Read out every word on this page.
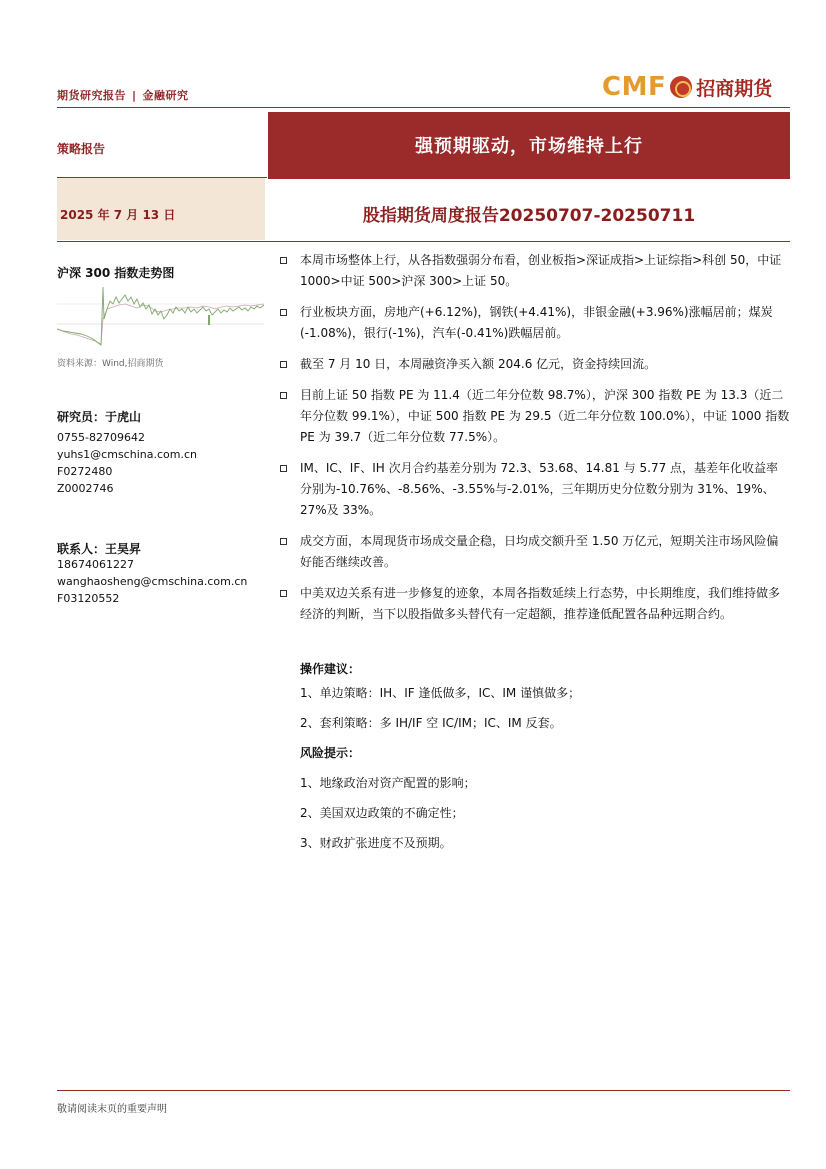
期货研究报告 | 金融研究	CMF 招商期货
策略报告	强预期驱动，市场维持上行
2025 年 7 月 13 日	股指期货周度报告20250707-20250711
沪深 300 指数走势图
资料来源：Wind,招商期货
研究员：于虎山
0755-82709642
yuhs1@cmschina.com.cn
F0272480
Z0002746
联系人：王昊昇
18674061227
wanghaosheng@cmschina.com.cn
F03120552
本周市场整体上行，从各指数强弱分布看，创业板指>深证成指>上证综指>科创 50，中证 1000>中证 500>沪深 300>上证 50。
行业板块方面，房地产(+6.12%)，钢铁(+4.41%)，非银金融(+3.96%)涨幅居前；煤炭(-1.08%)，银行(-1%)，汽车(-0.41%)跌幅居前。
截至 7 月 10 日，本周融资净买入额 204.6 亿元，资金持续回流。
目前上证 50 指数 PE 为 11.4（近二年分位数 98.7%），沪深 300 指数 PE 为 13.3（近二年分位数 99.1%），中证 500 指数 PE 为 29.5（近二年分位数 100.0%），中证 1000 指数 PE 为 39.7（近二年分位数 77.5%）。
IM、IC、IF、IH 次月合约基差分别为 72.3、53.68、14.81 与 5.77 点，基差年化收益率分别为-10.76%、-8.56%、-3.55%与-2.01%，三年期历史分位数分别为 31%、19%、27%及 33%。
成交方面，本周现货市场成交量企稳，日均成交额升至 1.50 万亿元，短期关注市场风险偏好能否继续改善。
中美双边关系有进一步修复的迹象，本周各指数延续上行态势，中长期维度，我们维持做多经济的判断，当下以股指做多头替代有一定超额，推荐逢低配置各品种远期合约。
操作建议：
1、单边策略：IH、IF 逢低做多，IC、IM 谨慎做多；
2、套利策略：多 IH/IF 空 IC/IM；IC、IM 反套。
风险提示：
1、地缘政治对资产配置的影响；
2、美国双边政策的不确定性；
3、财政扩张进度不及预期。
敬请阅读末页的重要声明
